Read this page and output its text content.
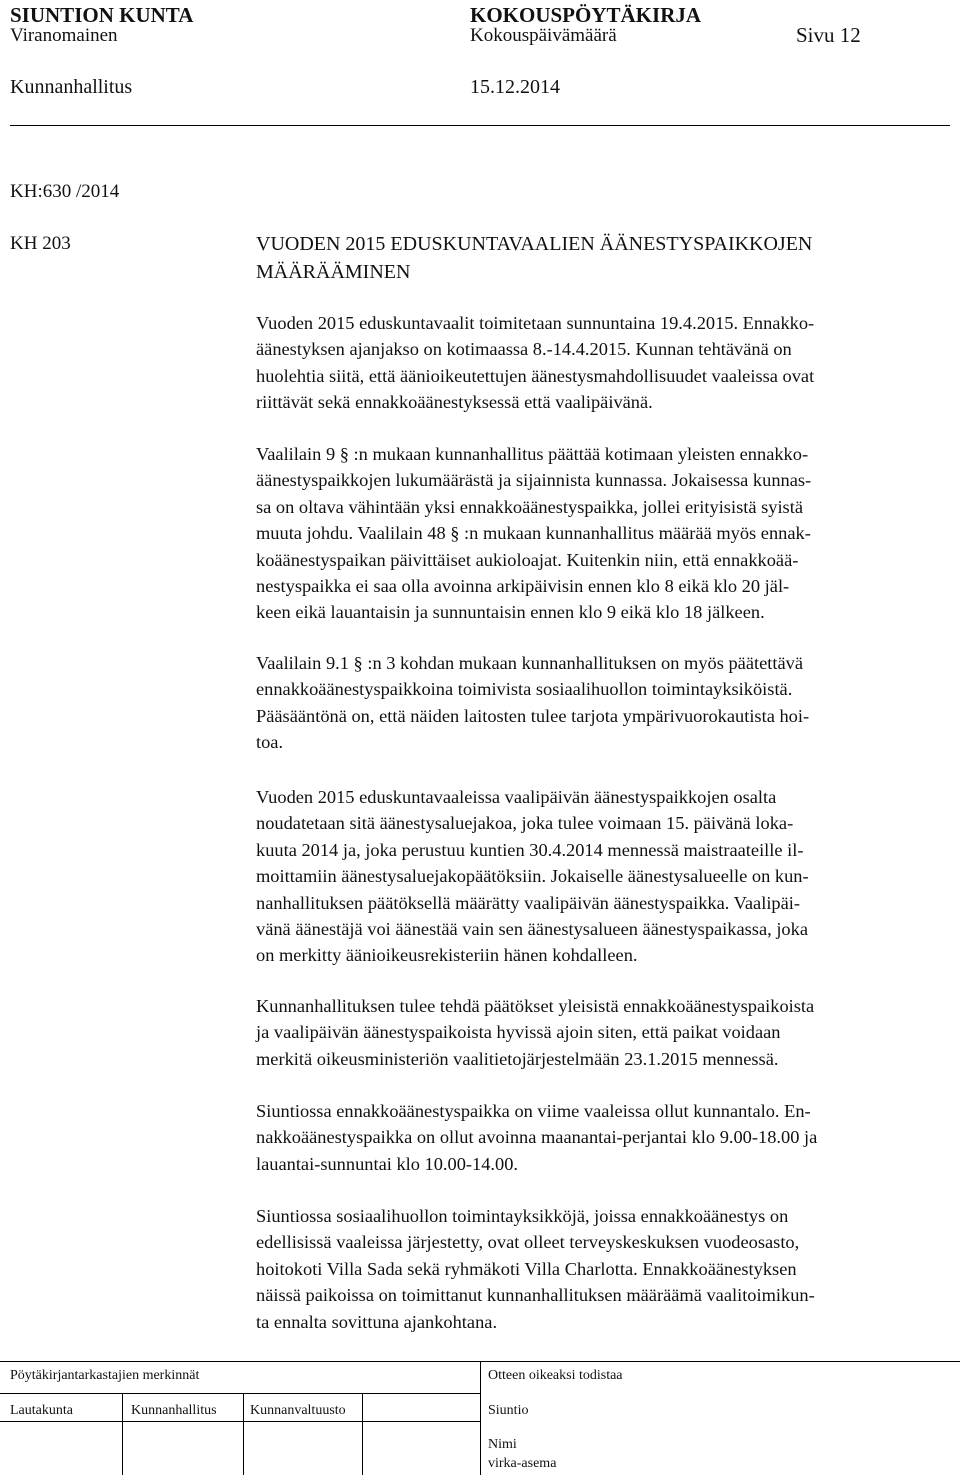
SIUNTION KUNTA	KOKOUSPÖYTÄKIRJA
Viranomainen	Kokouspäivämäärä	Sivu 12
Kunnanhallitus	15.12.2014
KH:630 /2014
KH 203	VUODEN 2015 EDUSKUNTAVAALIEN ÄÄNESTYSPAIKKOJEN
MÄÄRÄÄMINEN
Vuoden 2015 eduskuntavaalit toimitetaan sunnuntaina 19.4.2015. Ennakko-
äänestyksen ajanjakso on kotimaassa 8.-14.4.2015. Kunnan tehtävänä on
huolehtia siitä, että äänioikeutettujen äänestysmahdollisuudet vaaleissa ovat
riittävät sekä ennakkoäänestyksessä että vaalipäivänä.
Vaalilain 9 § :n mukaan kunnanhallitus päättää kotimaan yleisten ennakko-
äänestyspaikkojen lukumäärästä ja sijainnista kunnassa. Jokaisessa kunnas-
sa on oltava vähintään yksi ennakkoäänestyspaikka, jollei erityisistä syistä
muuta johdu. Vaalilain 48 § :n mukaan kunnanhallitus määrää myös ennak-
koäänestyspaikan päivittäiset aukioloajat. Kuitenkin niin, että ennakkoää-
nestyspaikka ei saa olla avoinna arkipäivisin ennen klo 8 eikä klo 20 jäl-
keen eikä lauantaisin ja sunnuntaisin ennen klo 9 eikä klo 18 jälkeen.
Vaalilain 9.1 § :n 3 kohdan mukaan kunnanhallituksen on myös päätettävä
ennakkoäänestyspaikkoina toimivista sosiaalihuollon toimintayksiköistä.
Pääsääntönä on, että näiden laitosten tulee tarjota ympärivuorokautista hoi-
toa.
Vuoden 2015 eduskuntavaaleissa vaalipäivän äänestyspaikkojen osalta
noudatetaan sitä äänestysaluejakoa, joka tulee voimaan 15. päivänä loka-
kuuta 2014 ja, joka perustuu kuntien 30.4.2014 mennessä maistraateille il-
moittamiin äänestysaluejakopäätöksiin. Jokaiselle äänestysalueelle on kun-
nanhallituksen päätöksellä määrätty vaalipäivän äänestyspaikka. Vaalipäi-
vänä äänestäjä voi äänestää vain sen äänestysalueen äänestyspaikassa, joka
on merkitty äänioikeusrekisteriin hänen kohdalleen.
Kunnanhallituksen tulee tehdä päätökset yleisistä ennakkoäänestyspaikoista
ja vaalipäivän äänestyspaikoista hyvissä ajoin siten, että paikat voidaan
merkitä oikeusministeriön vaalitietojärjestelmään 23.1.2015 mennessä.
Siuntiossa ennakkoäänestyspaikka on viime vaaleissa ollut kunnantalo. En-
nakkoäänestyspaikka on ollut avoinna maanantai-perjantai klo 9.00-18.00 ja
lauantai-sunnuntai klo 10.00-14.00.
Siuntiossa sosiaalihuollon toimintayksikköjä, joissa ennakkoäänestys on
edellisissä vaaleissa järjestetty, ovat olleet terveyskeskuksen vuodeosasto,
hoitokoti Villa Sada sekä ryhmäkoti Villa Charlotta. Ennakkoäänestyksen
näissä paikoissa on toimittanut kunnanhallituksen määräämä vaalitoimikun-
ta ennalta sovittuna ajankohtana.
Pöytäkirjantarkastajien merkinnät	Otteen oikeaksi todistaa
Lautakunta	Kunnanhallitus Kunnanvaltuusto	Siuntio
Nimi
virka-asema
